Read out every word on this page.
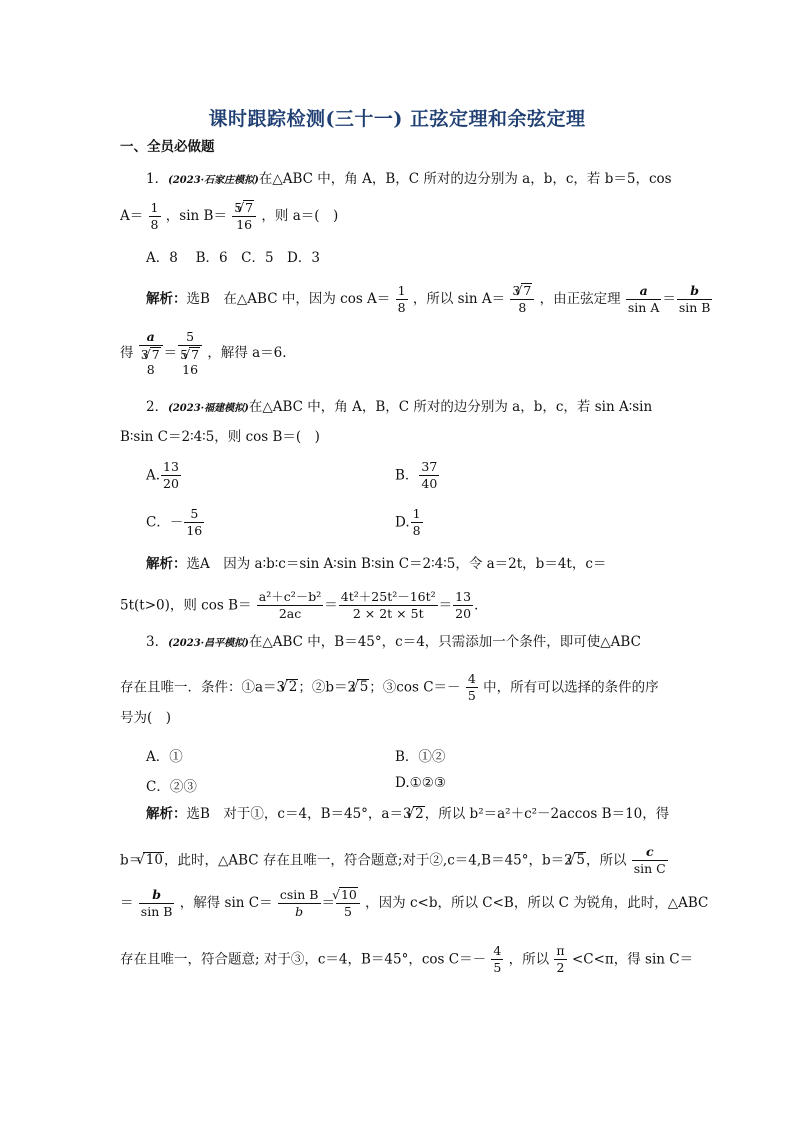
课时跟踪检测(三十一) 正弦定理和余弦定理
一、全员必做题
1．(2023·石家庄模拟)在△ABC 中，角 A，B，C 所对的边分别为 a，b，c，若 b＝5，cos
$A= \frac{1}{8}$ ，$\sin B= \frac{5 √ 7}{16}$ ，则 a＝(　)
A．8　 B．6　C．5　D．3
解析：选B　在△ABC 中，因为 $\cos A= \frac{1}{8}$ ，所以 $\sin A= \frac{3 √ 7}{8}$ ，由正弦定理 $\frac{a}{\text{sin A}} = \frac{b}{\text{sin B}}$
得
a
3 √ 7
8
＝
5
5 √ 7
16
，解得 a＝6.
2．(2023·福建模拟)在△ABC 中，角 A，B，C 所对的边分别为 a，b，c，若 sin A∶sin
B∶sin C＝2∶4∶5，则 cos B＝(　)
A. $\frac{13}{20}$	B． $\frac{37}{40}$
C．－ $\frac{5}{16}$	D. $\frac{1}{8}$
解析：选A　因为 a∶b∶c＝sin A∶sin B∶sin C＝2∶4∶5，令 a＝2t，b＝4t，c＝
5t(t>0)，则 $\cos B= \frac{\text{a²＋c²－b²}}{2ac} = \frac{\text{4t²＋25t²－16t²}}{2 \times 2t \times 5t} = \frac{13}{20}$ ．
3．(2023·昌平模拟)在△ABC 中，B＝45°，c＝4，只需添加一个条件，即可使△ABC
存在且唯一．条件：①a＝3 √ 2；②b＝2 √ 5；③cos $C=- \frac{4}{5}$ 中，所有可以选择的条件的序
号为(　)
A．①	B．①②
C．②③	D.①②③
解析：选B　对于①，c＝4，B＝45°，a＝3 √ 2，所以 b²＝a²＋c²－2accos B＝10，得
b＝ √ 10，此时，△ABC 存在且唯一，符合题意;对于②,c＝4,B＝45°，b＝2 √ 5，所以 $\frac{c}{\text{sin C}}$
＝ $\frac{b}{\text{sin B}}$ ，解得 $\sin C= \frac{\text{csin B}}{b}$ ＝ √ $\frac{10}{5}$ ，因为 c<b，所以 C<B，所以 C 为锐角，此时，△ABC
存在且唯一，符合题意; 对于③，c＝4，B＝45°，$\cos C=- \frac{4}{5}$ ，所以 $\frac{\pi}{2} <C<\pi$，得 sin C＝
